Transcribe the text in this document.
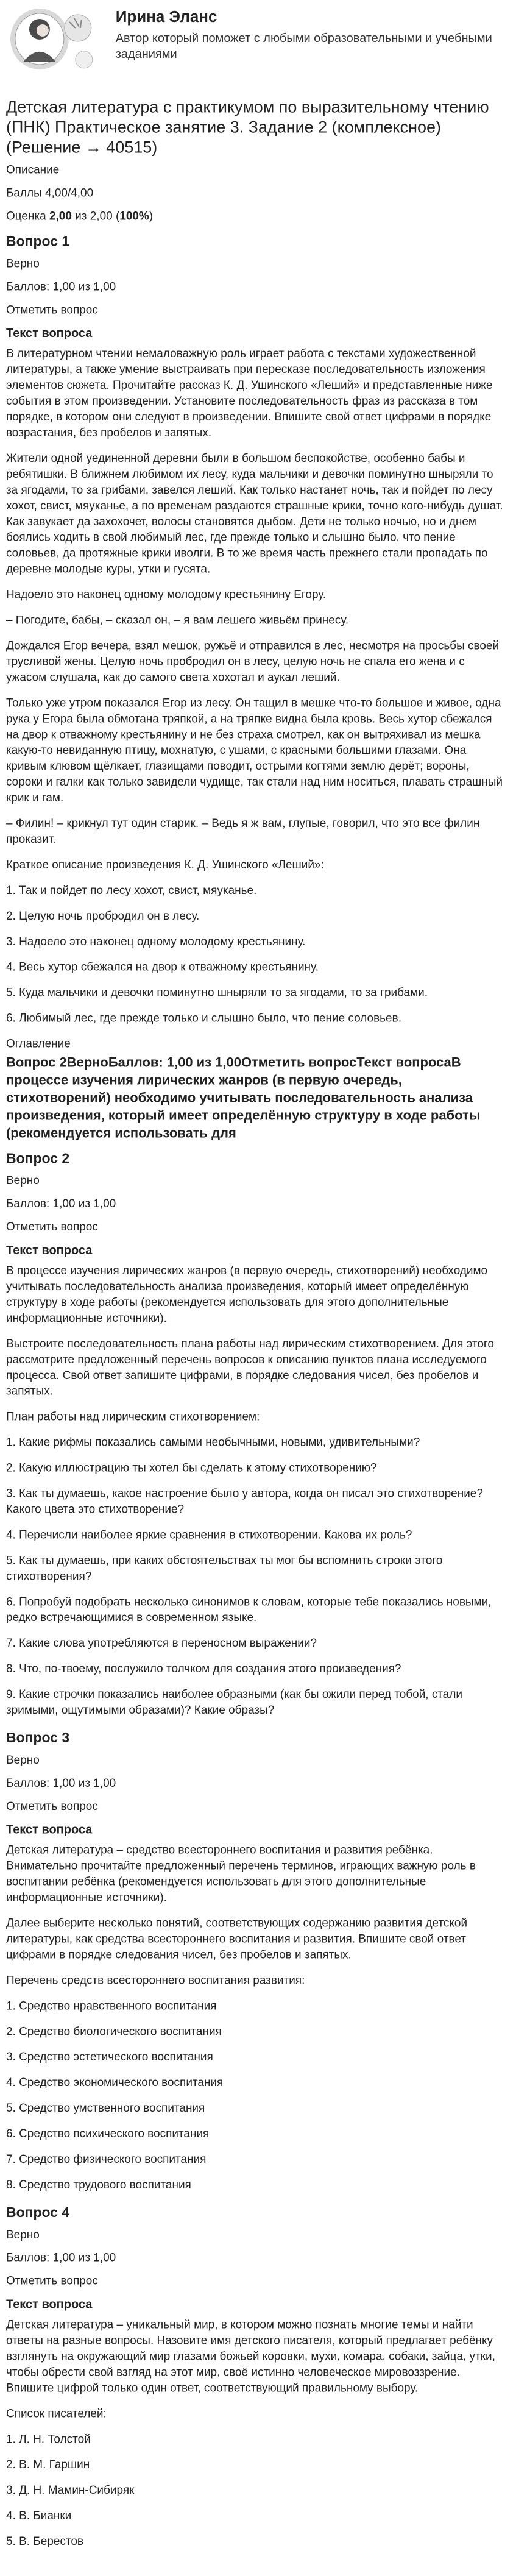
Ирина Эланс
Автор который поможет с любыми образовательными и учебными заданиями
Детская литература с практикумом по выразительному чтению (ПНК) Практическое занятие 3. Задание 2 (комплексное) (Решение → 40515)

Описание

Баллы 4,00/4,00

Оценка 2,00 из 2,00 (100%)

Вопрос 1

Верно

Баллов: 1,00 из 1,00

Отметить вопрос

Текст вопроса

В литературном чтении немаловажную роль играет работа с текстами художественной литературы, а также умение выстраивать при пересказе последовательность изложения элементов сюжета. Прочитайте рассказ К. Д. Ушинского «Леший» и представленные ниже события в этом произведении. Установите последовательность фраз из рассказа в том порядке, в котором они следуют в произведении. Впишите свой ответ цифрами в порядке возрастания, без пробелов и запятых.

Жители одной уединенной деревни были в большом беспокойстве, особенно бабы и ребятишки. В ближнем любимом их лесу, куда мальчики и девочки поминутно шныряли то за ягодами, то за грибами, завелся леший. Как только настанет ночь, так и пойдет по лесу хохот, свист, мяуканье, а по временам раздаются страшные крики, точно кого-нибудь душат. Как завукает да захохочет, волосы становятся дыбом. Дети не только ночью, но и днем боялись ходить в свой любимый лес, где прежде только и слышно было, что пение соловьев, да протяжные крики иволги. В то же время часть прежнего стали пропадать по деревне молодые куры, утки и гусята.

Надоело это наконец одному молодому крестьянину Егору.

– Погодите, бабы, – сказал он, – я вам лешего живьём принесу.

Дождался Егор вечера, взял мешок, ружьё и отправился в лес, несмотря на просьбы своей трусливой жены. Целую ночь пробродил он в лесу, целую ночь не спала его жена и с ужасом слушала, как до самого света хохотал и аукал леший.

Только уже утром показался Егор из лесу. Он тащил в мешке что-то большое и живое, одна рука у Егора была обмотана тряпкой, а на тряпке видна была кровь. Весь хутор сбежался на двор к отважному крестьянину и не без страха смотрел, как он вытряхивал из мешка какую-то невиданную птицу, мохнатую, с ушами, с красными большими глазами. Она кривым клювом щёлкает, глазищами поводит, острыми когтями землю дерёт; вороны, сороки и галки как только завидели чудище, так стали над ним носиться, плавать страшный крик и гам.

– Филин! – крикнул тут один старик. – Ведь я ж вам, глупые, говорил, что это все филин проказит.

Краткое описание произведения К. Д. Ушинского «Леший»:

1. Так и пойдет по лесу хохот, свист, мяуканье.

2. Целую ночь пробродил он в лесу.

3. Надоело это наконец одному молодому крестьянину.

4. Весь хутор сбежался на двор к отважному крестьянину.

5. Куда мальчики и девочки поминутно шныряли то за ягодами, то за грибами.

6. Любимый лес, где прежде только и слышно было, что пение соловьев.

Оглавление
Вопрос 2ВерноБаллов: 1,00 из 1,00Отметить вопросТекст вопросаВ процессе изучения лирических жанров (в первую очередь, стихотворений) необходимо учитывать последовательность анализа произведения, который имеет определённую структуру в ходе работы (рекомендуется использовать для
Вопрос 2

Верно

Баллов: 1,00 из 1,00

Отметить вопрос

Текст вопроса

В процессе изучения лирических жанров (в первую очередь, стихотворений) необходимо учитывать последовательность анализа произведения, который имеет определённую структуру в ходе работы (рекомендуется использовать для этого дополнительные информационные источники).

Выстроите последовательность плана работы над лирическим стихотворением. Для этого рассмотрите предложенный перечень вопросов к описанию пунктов плана исследуемого процесса. Свой ответ запишите цифрами, в порядке следования чисел, без пробелов и запятых.

План работы над лирическим стихотворением:

1. Какие рифмы показались самыми необычными, новыми, удивительными?

2. Какую иллюстрацию ты хотел бы сделать к этому стихотворению?

3. Как ты думаешь, какое настроение было у автора, когда он писал это стихотворение? Какого цвета это стихотворение?

4. Перечисли наиболее яркие сравнения в стихотворении. Какова их роль?

5. Как ты думаешь, при каких обстоятельствах ты мог бы вспомнить строки этого стихотворения?

6. Попробуй подобрать несколько синонимов к словам, которые тебе показались новыми, редко встречающимися в современном языке.

7. Какие слова употребляются в переносном выражении?

8. Что, по-твоему, послужило толчком для создания этого произведения?

9. Какие строчки показались наиболее образными (как бы ожили перед тобой, стали зримыми, ощутимыми образами)? Какие образы?

Вопрос 3

Верно

Баллов: 1,00 из 1,00

Отметить вопрос

Текст вопроса

Детская литература – средство всестороннего воспитания и развития ребёнка. Внимательно прочитайте предложенный перечень терминов, играющих важную роль в воспитании ребёнка (рекомендуется использовать для этого дополнительные информационные источники).

Далее выберите несколько понятий, соответствующих содержанию развития детской литературы, как средства всестороннего воспитания и развития. Впишите свой ответ цифрами в порядке следования чисел, без пробелов и запятых.

Перечень средств всестороннего воспитания развития:

1. Средство нравственного воспитания

2. Средство биологического воспитания

3. Средство эстетического воспитания

4. Средство экономического воспитания

5. Средство умственного воспитания

6. Средство психического воспитания

7. Средство физического воспитания

8. Средство трудового воспитания

Вопрос 4

Верно

Баллов: 1,00 из 1,00

Отметить вопрос

Текст вопроса

Детская литература – уникальный мир, в котором можно познать многие темы и найти ответы на разные вопросы. Назовите имя детского писателя, который предлагает ребёнку взглянуть на окружающий мир глазами божьей коровки, мухи, комара, собаки, зайца, утки, чтобы обрести свой взгляд на этот мир, своё истинно человеческое мировоззрение. Впишите цифрой только один ответ, соответствующий правильному выбору.

Список писателей:

1. Л. Н. Толстой

2. В. М. Гаршин

3. Д. Н. Мамин-Сибиряк

4. В. Бианки

5. В. Берестов
